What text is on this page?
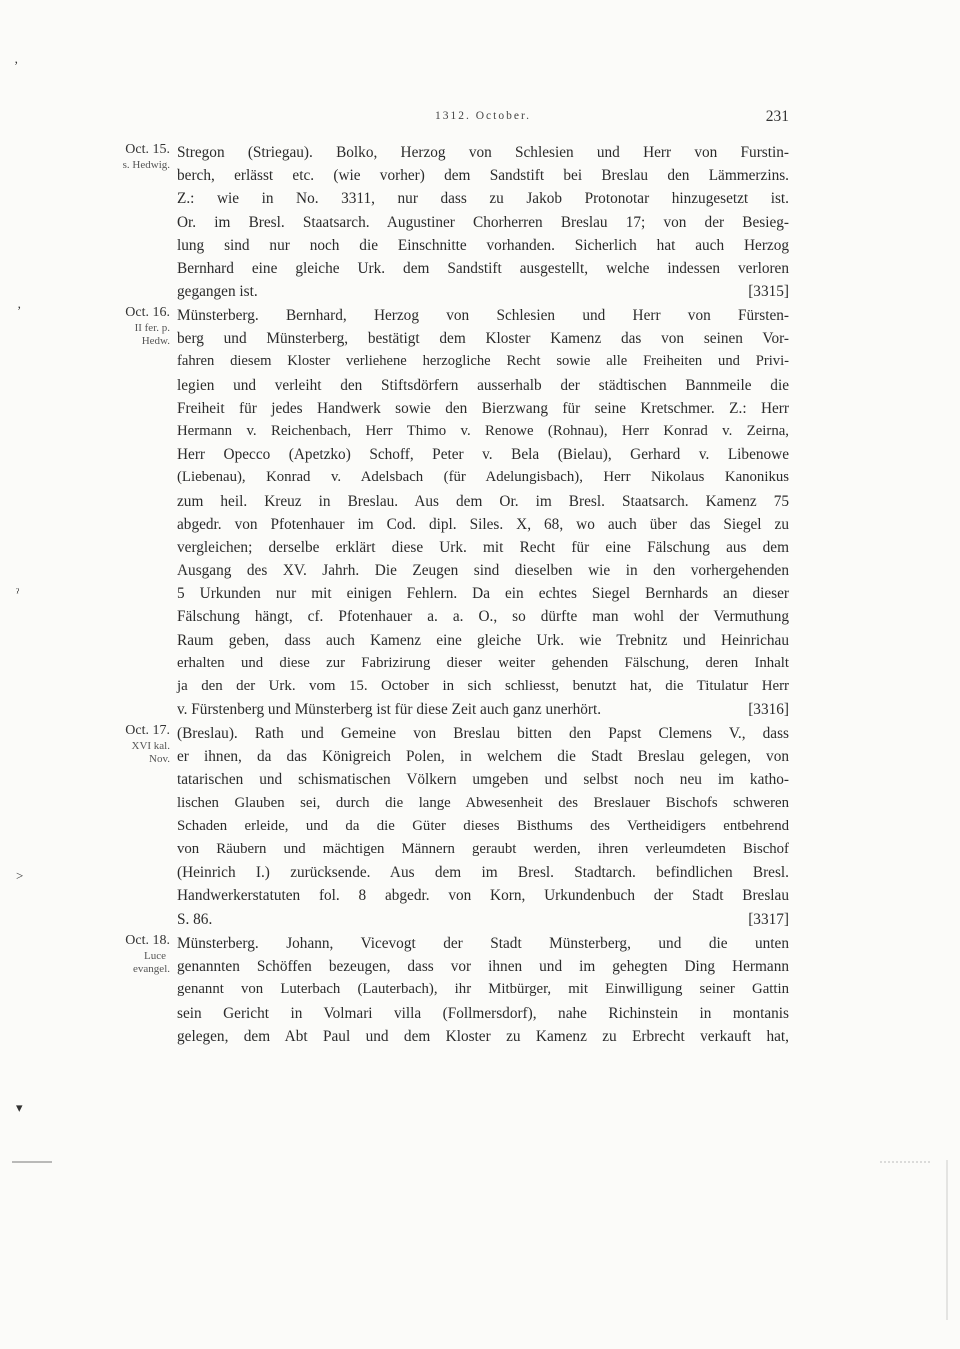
1312. October.	231
Oct. 15.
s. Hedwig.
Stregon (Striegau). Bolko, Herzog von Schlesien und Herr von Furstin-
berch, erlässt etc. (wie vorher) dem Sandstift bei Breslau den Lämmerzins.
Z.: wie in No. 3311, nur dass zu Jakob Protonotar hinzugesetzt ist.
Or. im Bresl. Staatsarch. Augustiner Chorherren Breslau 17; von der Besieg-
lung sind nur noch die Einschnitte vorhanden. Sicherlich hat auch Herzog
Bernhard eine gleiche Urk. dem Sandstift ausgestellt, welche indessen verloren
gegangen ist.	[3315]
Oct. 16.
II fer. p.
Hedw.
Münsterberg. Bernhard, Herzog von Schlesien und Herr von Fürsten-
berg und Münsterberg, bestätigt dem Kloster Kamenz das von seinen Vor-
fahren diesem Kloster verliehene herzogliche Recht sowie alle Freiheiten und Privi-
legien und verleiht den Stiftsdörfern ausserhalb der städtischen Bannmeile die
Freiheit für jedes Handwerk sowie den Bierzwang für seine Kretschmer. Z.: Herr
Hermann v. Reichenbach, Herr Thimo v. Renowe (Rohnau), Herr Konrad v. Zeirna,
Herr Opecco (Apetzko) Schoff, Peter v. Bela (Bielau), Gerhard v. Libenowe
(Liebenau), Konrad v. Adelsbach (für Adelungisbach), Herr Nikolaus Kanonikus
zum heil. Kreuz in Breslau. Aus dem Or. im Bresl. Staatsarch. Kamenz 75
abgedr. von Pfotenhauer im Cod. dipl. Siles. X, 68, wo auch über das Siegel zu
vergleichen; derselbe erklärt diese Urk. mit Recht für eine Fälschung aus dem
Ausgang des XV. Jahrh. Die Zeugen sind dieselben wie in den vorhergehenden
5 Urkunden nur mit einigen Fehlern. Da ein echtes Siegel Bernhards an dieser
Fälschung hängt, cf. Pfotenhauer a. a. O., so dürfte man wohl der Vermuthung
Raum geben, dass auch Kamenz eine gleiche Urk. wie Trebnitz und Heinrichau
erhalten und diese zur Fabrizirung dieser weiter gehenden Fälschung, deren Inhalt
ja den der Urk. vom 15. October in sich schliesst, benutzt hat, die Titulatur Herr
v. Fürstenberg und Münsterberg ist für diese Zeit auch ganz unerhört.	[3316]
Oct. 17.
XVI kal.
Nov.
(Breslau). Rath und Gemeine von Breslau bitten den Papst Clemens V., dass
er ihnen, da das Königreich Polen, in welchem die Stadt Breslau gelegen, von
tatarischen und schismatischen Völkern umgeben und selbst noch neu im katho-
lischen Glauben sei, durch die lange Abwesenheit des Breslauer Bischofs schweren
Schaden erleide, und da die Güter dieses Bisthums des Vertheidigers entbehrend
von Räubern und mächtigen Männern geraubt werden, ihren verleumdeten Bischof
(Heinrich I.) zurücksende. Aus dem im Bresl. Stadtarch. befindlichen Bresl.
Handwerkerstatuten fol. 8 abgedr. von Korn, Urkundenbuch der Stadt Breslau
S. 86.	[3317]
Oct. 18.
Luce
evangel.
Münsterberg. Johann, Vicevogt der Stadt Münsterberg, und die unten
genannten Schöffen bezeugen, dass vor ihnen und im gehegten Ding Hermann
genannt von Luterbach (Lauterbach), ihr Mitbürger, mit Einwilligung seiner Gattin
sein Gericht in Volmari villa (Follmersdorf), nahe Richinstein in montanis
gelegen, dem Abt Paul und dem Kloster zu Kamenz zu Erbrecht verkauft hat,
’
’
ˀ
>
▾
